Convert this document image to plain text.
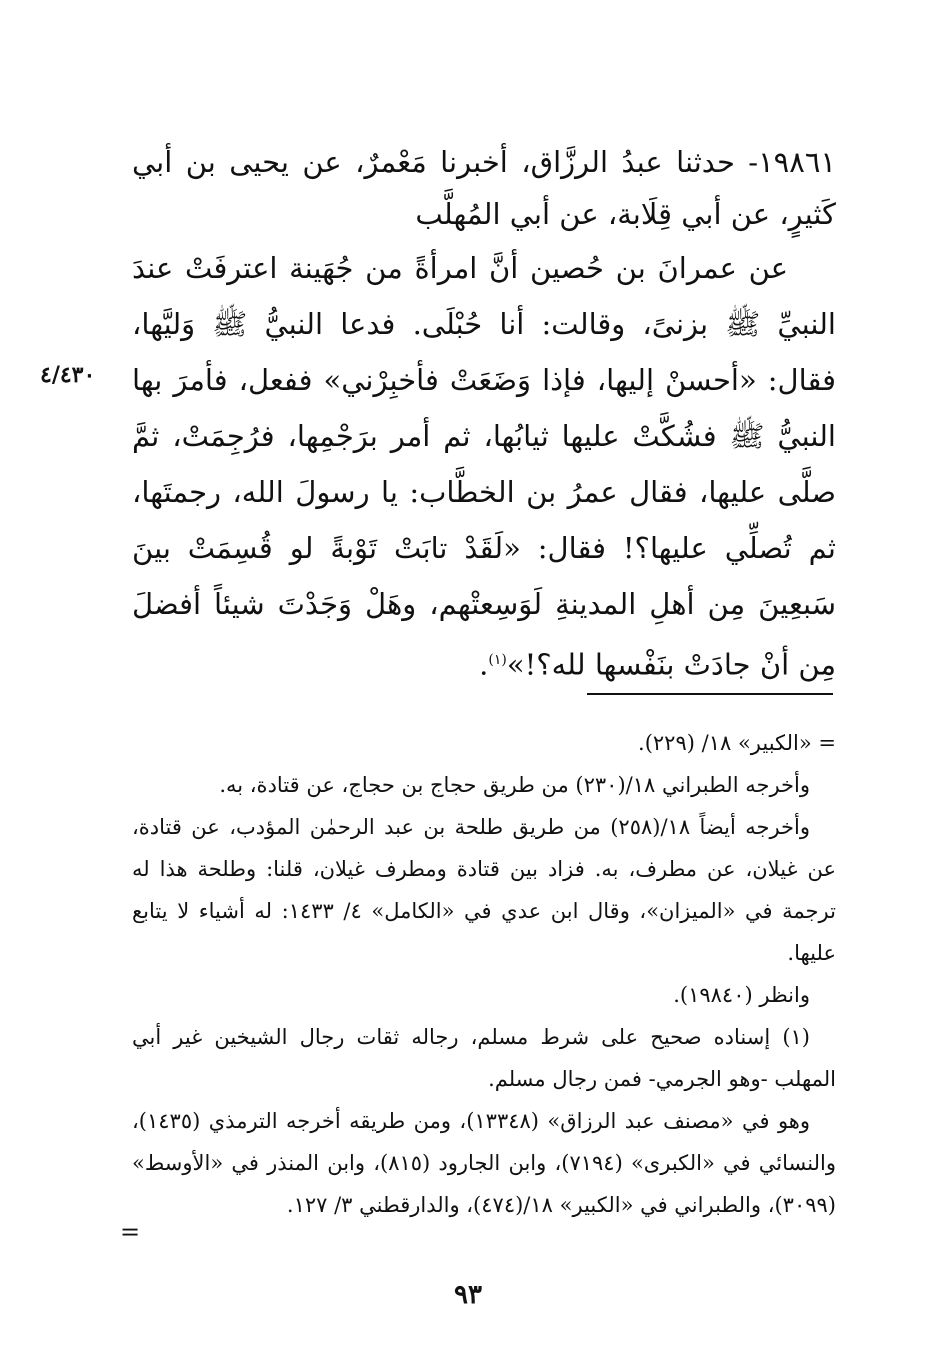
١٩٨٦١- حدثنا عبدُ الرزَّاق، أخبرنا مَعْمرٌ، عن يحيى بن أبي كَثيرٍ، عن أبي قِلَابة، عن أبي المُهلَّب

عن عمرانَ بن حُصين أنَّ امرأةً من جُهَينة اعترفَتْ عندَ النبيِّ ﷺ بزنىً، وقالت: أنا حُبْلَى. فدعا النبيُّ ﷺ وَليَّها، فقال: «أحسنْ إليها، فإذا وَضَعَتْ فأخبِرْني» ففعل، فأمرَ بها النبيُّ ﷺ فشُكَّتْ عليها ثيابُها، ثم أمر برَجْمِها، فرُجِمَتْ، ثمَّ صلَّى عليها، فقال عمرُ بن الخطَّاب: يا رسولَ الله، رجمتَها، ثم تُصلِّي عليها؟! فقال: «لَقَدْ تابَتْ تَوْبةً لو قُسِمَتْ بينَ سَبعِينَ مِن أهلِ المدينةِ لَوَسِعتْهم، وهَلْ وَجَدْتَ شيئاً أفضلَ مِن أنْ جادَتْ بنَفْسها لله؟!»$^{(١)}$.

٤/٤٣٠

= «الكبير» ١٨/ (٢٢٩).

وأخرجه الطبراني ١٨/(٢٣٠) من طريق حجاج بن حجاج، عن قتادة، به.

وأخرجه أيضاً ١٨/(٢٥٨) من طريق طلحة بن عبد الرحمٰن المؤدب، عن قتادة، عن غيلان، عن مطرف، به. فزاد بين قتادة ومطرف غيلان، قلنا: وطلحة هذا له ترجمة في «الميزان»، وقال ابن عدي في «الكامل» ٤/ ١٤٣٣: له أشياء لا يتابع عليها.

وانظر (١٩٨٤٠).

(١) إسناده صحيح على شرط مسلم، رجاله ثقات رجال الشيخين غير أبي المهلب -وهو الجرمي- فمن رجال مسلم.

وهو في «مصنف عبد الرزاق» (١٣٣٤٨)، ومن طريقه أخرجه الترمذي (١٤٣٥)، والنسائي في «الكبرى» (٧١٩٤)، وابن الجارود (٨١٥)، وابن المنذر في «الأوسط» (٣٠٩٩)، والطبراني في «الكبير» ١٨/(٤٧٤)، والدارقطني ٣/ ١٢٧.

=
٩٣
